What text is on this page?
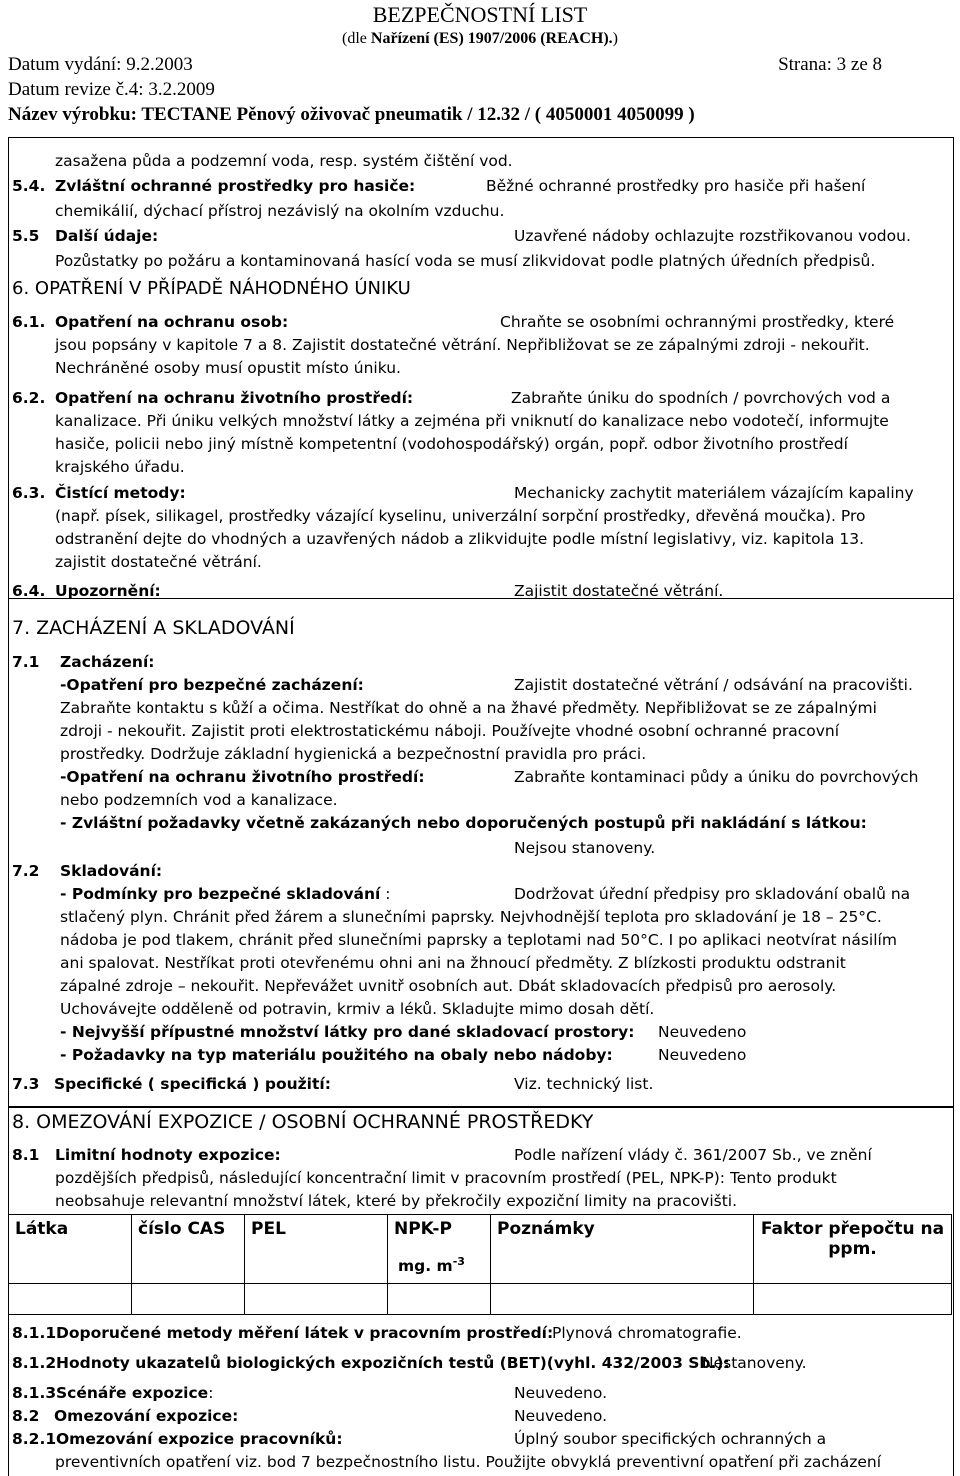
BEZPEČNOSTNÍ LIST
(dle Nařízení (ES) 1907/2006 (REACH).)
Datum vydání: 9.2.2003	Strana: 3 ze 8
Datum revize č.4: 3.2.2009
Název výrobku: TECTANE Pěnový oživovač pneumatik / 12.32 / ( 4050001 4050099 )
zasažena půda a podzemní voda, resp. systém čištění vod.
5.4. Zvláštní ochranné prostředky pro hasiče:	Běžné ochranné prostředky pro hasiče při hašení
chemikálií, dýchací přístroj nezávislý na okolním vzduchu.
5.5 Další údaje:	Uzavřené nádoby ochlazujte rozstřikovanou vodou.
Pozůstatky po požáru a kontaminovaná hasící voda se musí zlikvidovat podle platných úředních předpisů.
6. OPATŘENÍ V PŘÍPADĚ NÁHODNÉHO ÚNIKU
6.1. Opatření na ochranu osob:	Chraňte se osobními ochrannými prostředky, které
jsou popsány v kapitole 7 a 8. Zajistit dostatečné větrání. Nepřibližovat se ze zápalnými zdroji - nekouřit.
Nechráněné osoby musí opustit místo úniku.
6.2. Opatření na ochranu životního prostředí:	Zabraňte úniku do spodních / povrchových vod a
kanalizace. Při úniku velkých množství látky a zejména při vniknutí do kanalizace nebo vodotečí, informujte
hasiče, policii nebo jiný místně kompetentní (vodohospodářský) orgán, popř. odbor životního prostředí
krajského úřadu.
6.3. Čistící metody:	Mechanicky zachytit materiálem vázajícím kapaliny
(např. písek, silikagel, prostředky vázající kyselinu, univerzální sorpční prostředky, dřevěná moučka). Pro
odstranění dejte do vhodných a uzavřených nádob a zlikvidujte podle místní legislativy, viz. kapitola 13.
zajistit dostatečné větrání.
6.4. Upozornění:	Zajistit dostatečné větrání.
7. ZACHÁZENÍ A SKLADOVÁNÍ
7.1 Zacházení:
-Opatření pro bezpečné zacházení:	Zajistit dostatečné větrání / odsávání na pracovišti.
Zabraňte kontaktu s kůží a očima. Nestříkat do ohně a na žhavé předměty. Nepřibližovat se ze zápalnými
zdroji - nekouřit. Zajistit proti elektrostatickému náboji. Používejte vhodné osobní ochranné pracovní
prostředky. Dodržuje základní hygienická a bezpečnostní pravidla pro práci.
-Opatření na ochranu životního prostředí:	Zabraňte kontaminaci půdy a úniku do povrchových
nebo podzemních vod a kanalizace.
- Zvláštní požadavky včetně zakázaných nebo doporučených postupů při nakládání s látkou:
Nejsou stanoveny.
7.2 Skladování:
- Podmínky pro bezpečné skladování :	Dodržovat úřední předpisy pro skladování obalů na
stlačený plyn. Chránit před žárem a slunečními paprsky. Nejvhodnější teplota pro skladování je 18 – 25°C.
nádoba je pod tlakem, chránit před slunečními paprsky a teplotami nad 50°C. I po aplikaci neotvírat násilím
ani spalovat. Nestříkat proti otevřenému ohni ani na žhnoucí předměty. Z blízkosti produktu odstranit
zápalné zdroje – nekouřit. Nepřevážet uvnitř osobních aut. Dbát skladovacích předpisů pro aerosoly.
Uchovávejte odděleně od potravin, krmiv a léků. Skladujte mimo dosah dětí.
- Nejvyšší přípustné množství látky pro dané skladovací prostory: Neuvedeno
- Požadavky na typ materiálu použitého na obaly nebo nádoby:	Neuvedeno
7.3 Specifické ( specifická ) použití:	Viz. technický list.
8. OMEZOVÁNÍ EXPOZICE / OSOBNÍ OCHRANNÉ PROSTŘEDKY
8.1 Limitní hodnoty expozice:	Podle nařízení vlády č. 361/2007 Sb., ve znění
pozdějších předpisů, následující koncentrační limit v pracovním prostředí (PEL, NPK-P): Tento produkt
neobsahuje relevantní množství látek, které by překročily expoziční limity na pracovišti.
Látka	číslo CAS	PEL	NPK-P	Poznámky	Faktor přepočtu na ppm.

mg. $m^{-3}$
8.1.1 Doporučené metody měření látek v pracovním prostředí:
Plynová chromatografie.
8.1.2 Hodnoty ukazatelů biologických expozičních testů (BET)(vyhl. 432/2003 Sb.):
Nestanoveny.
8.1.3 Scénáře expozice:	Neuvedeno.
8.2 Omezování expozice:	Neuvedeno.
8.2.1 Omezování expozice pracovníků:	Úplný soubor specifických ochranných a
preventivních opatření viz. bod 7 bezpečnostního listu. Použijte obvyklá preventivní opatření při zacházení
